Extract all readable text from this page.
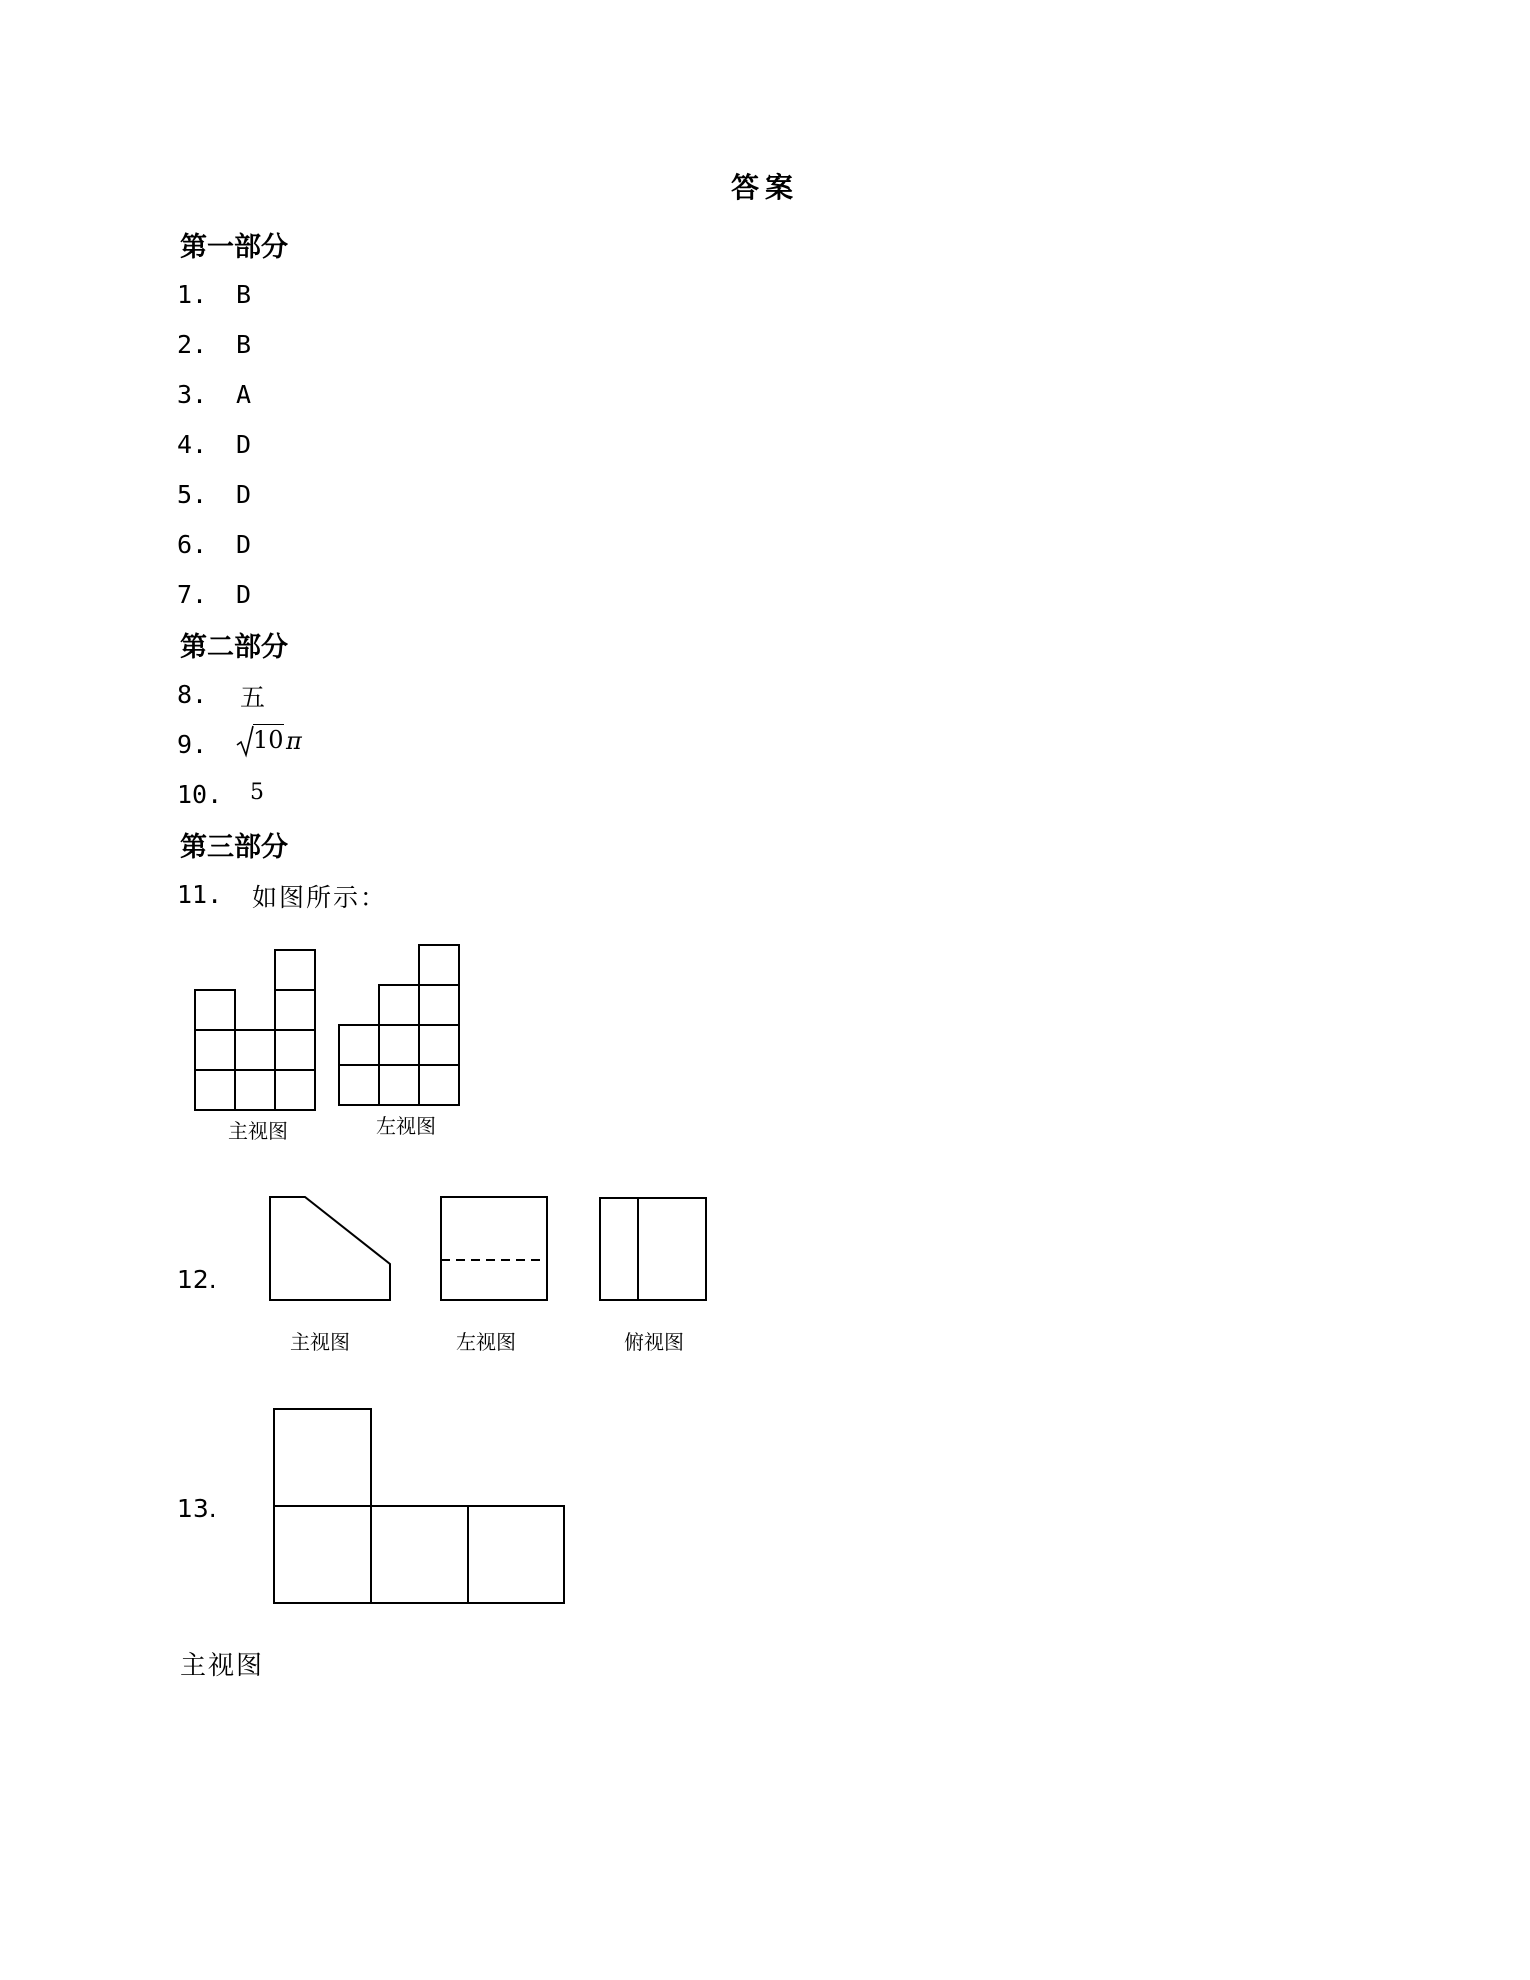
答案
第一部分
1. B
2. B
3. A
4. D
5. D
6. D
7. D
第二部分
8. 五
9. 10 π
10. 5
第三部分
11. 如图所示：
主视图	左视图
12.
主视图	左视图	俯视图
13.
主视图
